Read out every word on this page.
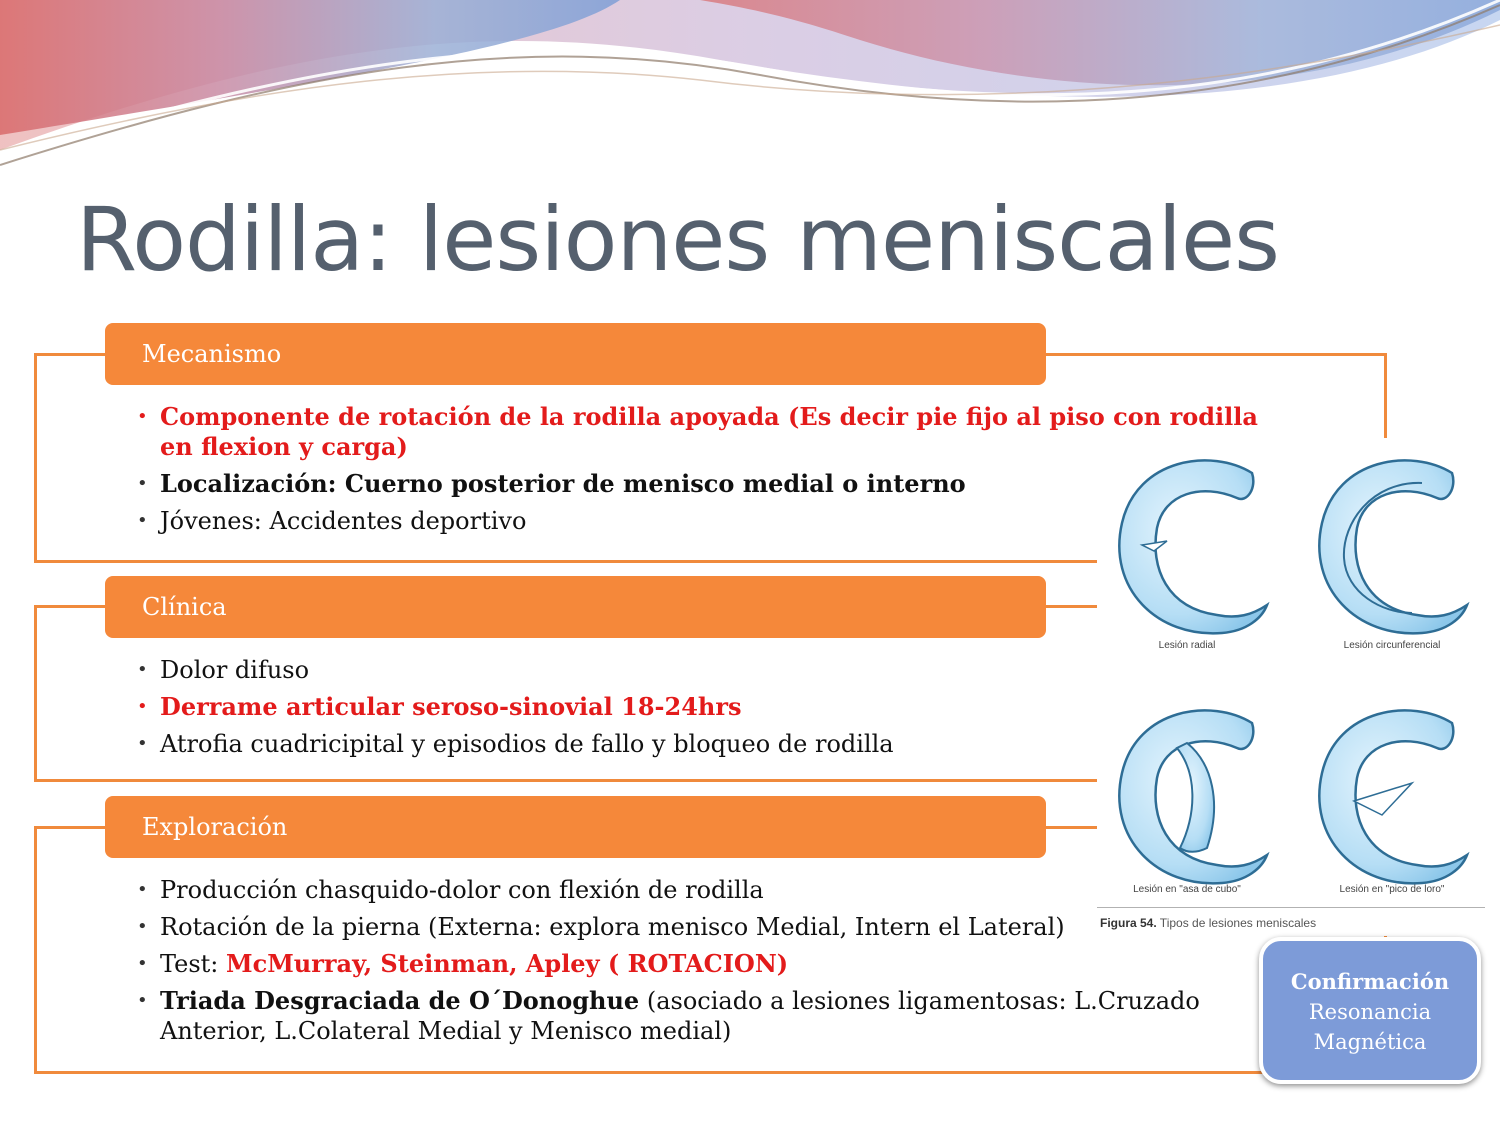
Rodilla: lesiones meniscales
Mecanismo
• Componente de rotación de la rodilla apoyada (Es decir pie fijo al piso con rodilla en flexion y carga)
• Localización: Cuerno posterior de menisco medial o interno
• Jóvenes: Accidentes deportivo
Clínica
• Dolor difuso
• Derrame articular seroso-sinovial 18-24hrs
• Atrofia cuadricipital y episodios de fallo y bloqueo de rodilla
Exploración
• Producción chasquido-dolor con flexión de rodilla
• Rotación de la pierna (Externa: explora menisco Medial, Intern el Lateral)
• Test: McMurray, Steinman, Apley ( ROTACION)
• Triada Desgraciada de O´Donoghue (asociado a lesiones ligamentosas: L.Cruzado Anterior, L.Colateral Medial y Menisco medial)
Lesión radial	Lesión circunferencial
Lesión en "asa de cubo"	Lesión en "pico de loro"
Figura 54. Tipos de lesiones meniscales
Confirmación
Resonancia
Magnética
